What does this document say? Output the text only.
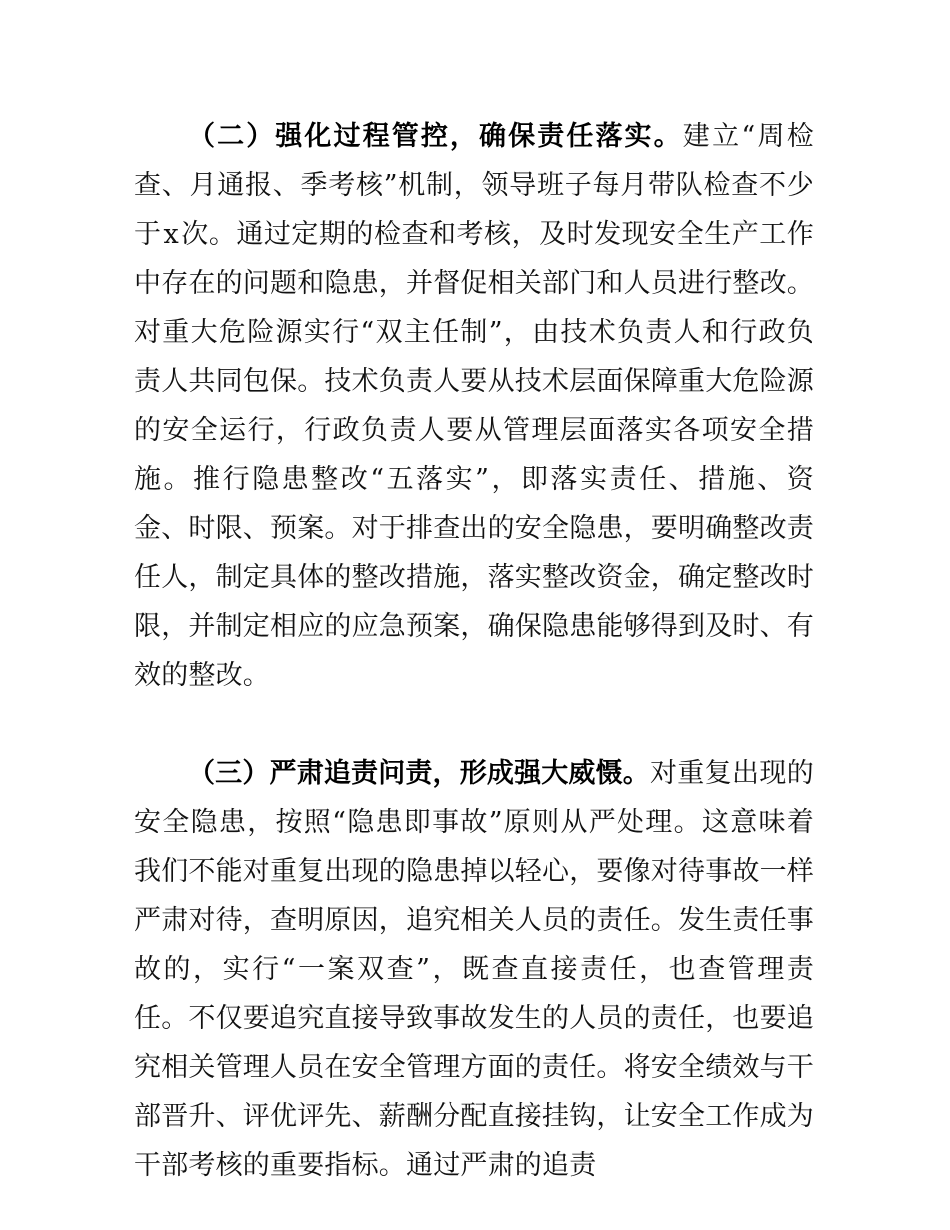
（二）强化过程管控，确保责任落实。建立“周检查、月通报、季考核”机制，领导班子每月带队检查不少于x次。通过定期的检查和考核，及时发现安全生产工作中存在的问题和隐患，并督促相关部门和人员进行整改。对重大危险源实行“双主任制”，由技术负责人和行政负责人共同包保。技术负责人要从技术层面保障重大危险源的安全运行，行政负责人要从管理层面落实各项安全措施。推行隐患整改“五落实”，即落实责任、措施、资金、时限、预案。对于排查出的安全隐患，要明确整改责任人，制定具体的整改措施，落实整改资金，确定整改时限，并制定相应的应急预案，确保隐患能够得到及时、有效的整改。

（三）严肃追责问责，形成强大威慑。对重复出现的安全隐患，按照“隐患即事故”原则从严处理。这意味着我们不能对重复出现的隐患掉以轻心，要像对待事故一样严肃对待，查明原因，追究相关人员的责任。发生责任事故的，实行“一案双查”，既查直接责任，也查管理责任。不仅要追究直接导致事故发生的人员的责任，也要追究相关管理人员在安全管理方面的责任。将安全绩效与干部晋升、评优评先、薪酬分配直接挂钩，让安全工作成为干部考核的重要指标。通过严肃的追责
